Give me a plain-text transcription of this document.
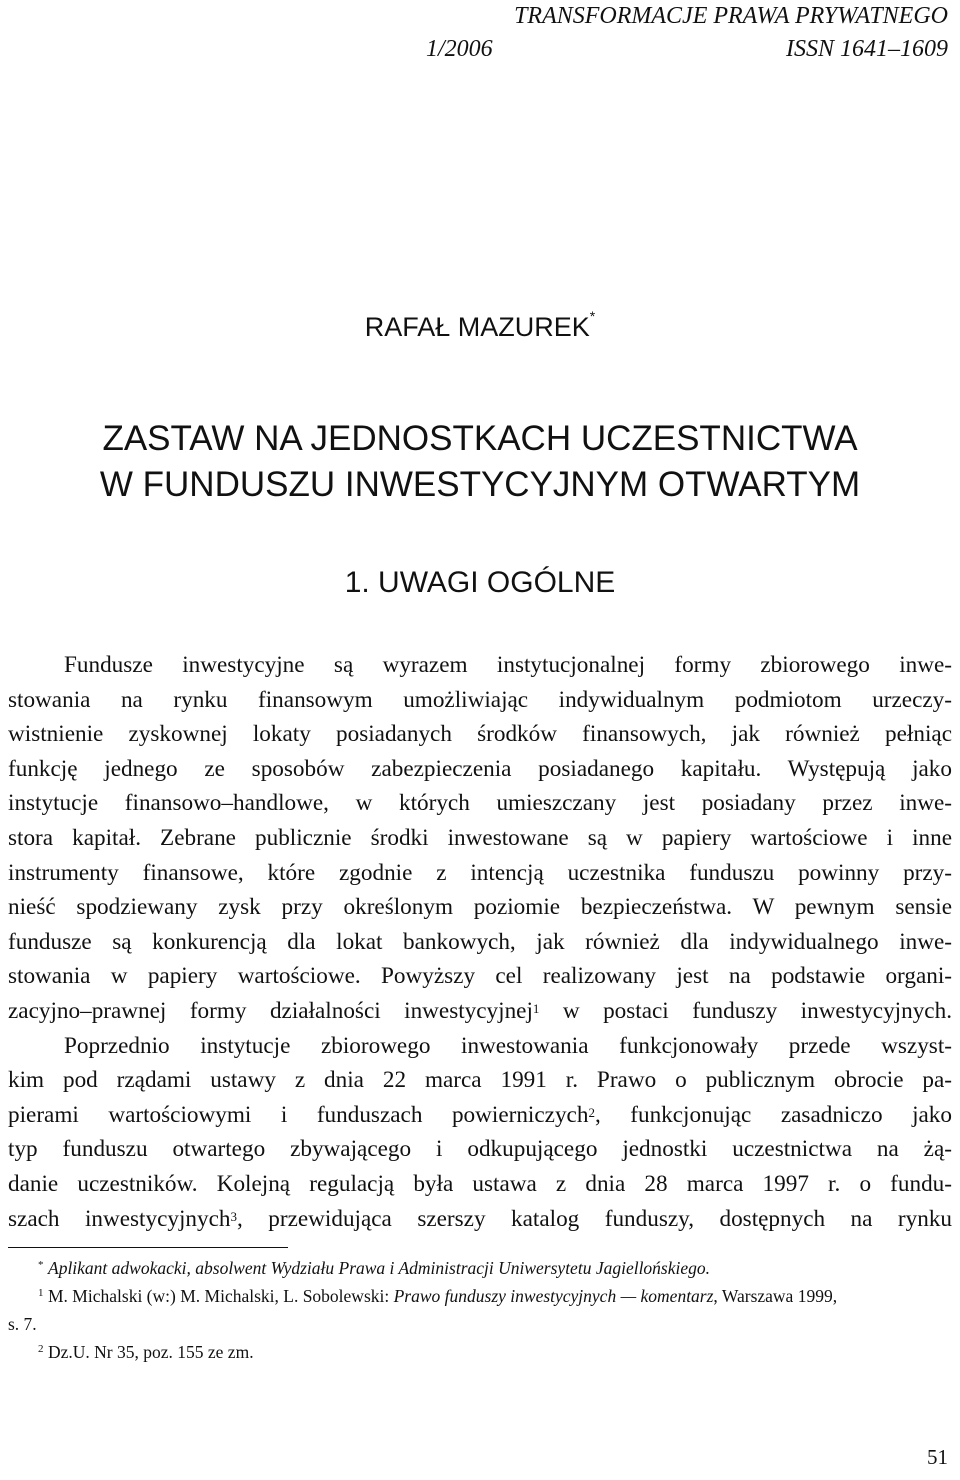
TRANSFORMACJE PRAWA PRYWATNEGO
1/2006	ISSN 1641–1609
RAFAŁ MAZUREK*
ZASTAW NA JEDNOSTKACH UCZESTNICTWA
W FUNDUSZU INWESTYCYJNYM OTWARTYM
1. UWAGI OGÓLNE
Fundusze inwestycyjne są wyrazem instytucjonalnej formy zbiorowego inwe-
stowania na rynku finansowym umożliwiając indywidualnym podmiotom urzeczy-
wistnienie zyskownej lokaty posiadanych środków finansowych, jak również pełniąc
funkcję jednego ze sposobów zabezpieczenia posiadanego kapitału. Występują jako
instytucje finansowo–handlowe, w których umieszczany jest posiadany przez inwe-
stora kapitał. Zebrane publicznie środki inwestowane są w papiery wartościowe i inne
instrumenty finansowe, które zgodnie z intencją uczestnika funduszu powinny przy-
nieść spodziewany zysk przy określonym poziomie bezpieczeństwa. W pewnym sensie
fundusze są konkurencją dla lokat bankowych, jak również dla indywidualnego inwe-
stowania w papiery wartościowe. Powyższy cel realizowany jest na podstawie organi-
zacyjno–prawnej formy działalności inwestycyjnej$^1$ w postaci funduszy inwestycyjnych.
Poprzednio instytucje zbiorowego inwestowania funkcjonowały przede wszyst-
kim pod rządami ustawy z dnia 22 marca 1991 r. Prawo o publicznym obrocie pa-
pierami wartościowymi i funduszach powierniczych$^2$, funkcjonując zasadniczo jako
typ funduszu otwartego zbywającego i odkupującego jednostki uczestnictwa na żą-
danie uczestników. Kolejną regulacją była ustawa z dnia 28 marca 1997 r. o fundu-
szach inwestycyjnych$^3$, przewidująca szerszy katalog funduszy, dostępnych na rynku
* Aplikant adwokacki, absolwent Wydziału Prawa i Administracji Uniwersytetu Jagiellońskiego.
1 M. Michalski (w:) M. Michalski, L. Sobolewski: Prawo funduszy inwestycyjnych — komentarz, Warszawa 1999,
s. 7.
2 Dz.U. Nr 35, poz. 155 ze zm.
51
